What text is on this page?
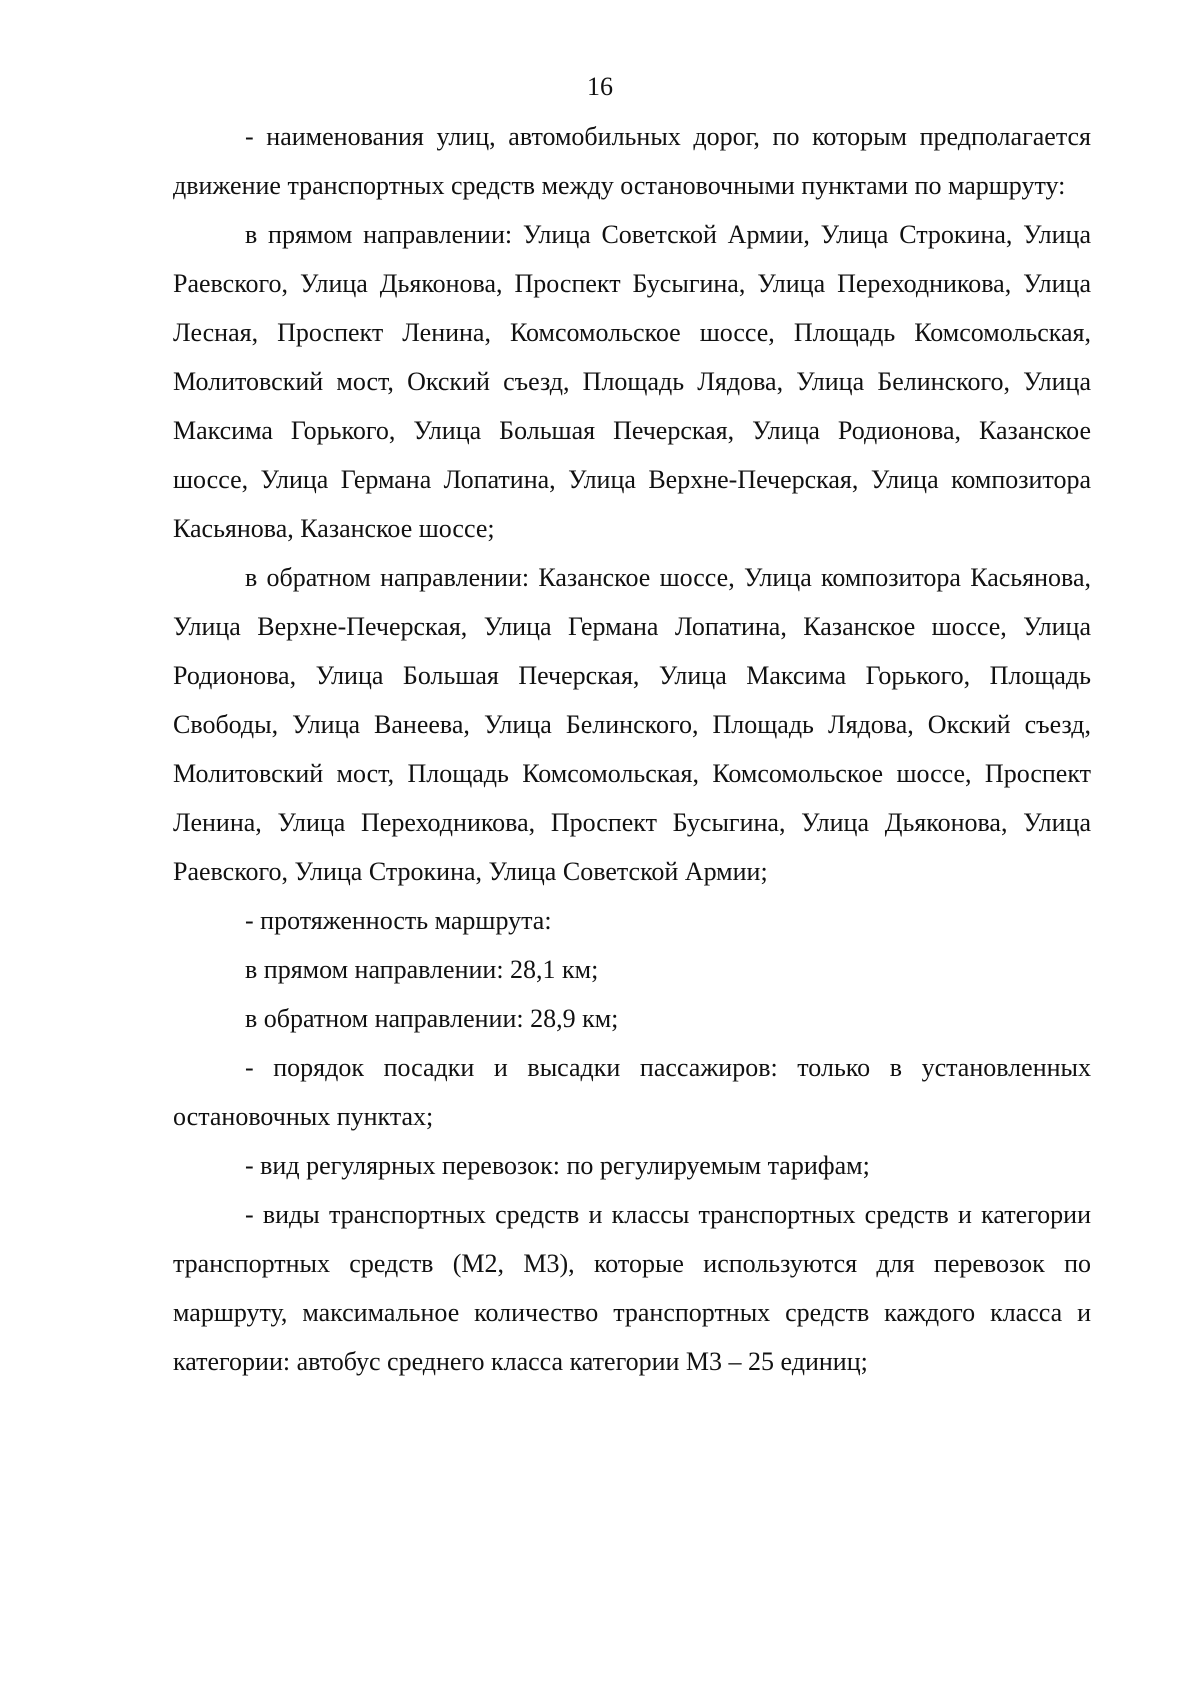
16

- наименования улиц, автомобильных дорог, по которым предполагается движение транспортных средств между остановочными пунктами по маршруту:

в прямом направлении: Улица Советской Армии, Улица Строкина, Улица Раевского, Улица Дьяконова, Проспект Бусыгина, Улица Переходникова, Улица Лесная, Проспект Ленина, Комсомольское шоссе, Площадь Комсомольская, Молитовский мост, Окский съезд, Площадь Лядова, Улица Белинского, Улица Максима Горького, Улица Большая Печерская, Улица Родионова, Казанское шоссе, Улица Германа Лопатина, Улица Верхне-Печерская, Улица композитора Касьянова, Казанское шоссе;

в обратном направлении: Казанское шоссе, Улица композитора Касьянова, Улица Верхне-Печерская, Улица Германа Лопатина, Казанское шоссе, Улица Родионова, Улица Большая Печерская, Улица Максима Горького, Площадь Свободы, Улица Ванеева, Улица Белинского, Площадь Лядова, Окский съезд, Молитовский мост, Площадь Комсомольская, Комсомольское шоссе, Проспект Ленина, Улица Переходникова, Проспект Бусыгина, Улица Дьяконова, Улица Раевского, Улица Строкина, Улица Советской Армии;

- протяженность маршрута:

в прямом направлении: 28,1 км;

в обратном направлении: 28,9 км;

- порядок посадки и высадки пассажиров: только в установленных остановочных пунктах;

- вид регулярных перевозок: по регулируемым тарифам;

- виды транспортных средств и классы транспортных средств и категории транспортных средств (М2, М3), которые используются для перевозок по маршруту, максимальное количество транспортных средств каждого класса и категории: автобус среднего класса категории М3 – 25 единиц;
